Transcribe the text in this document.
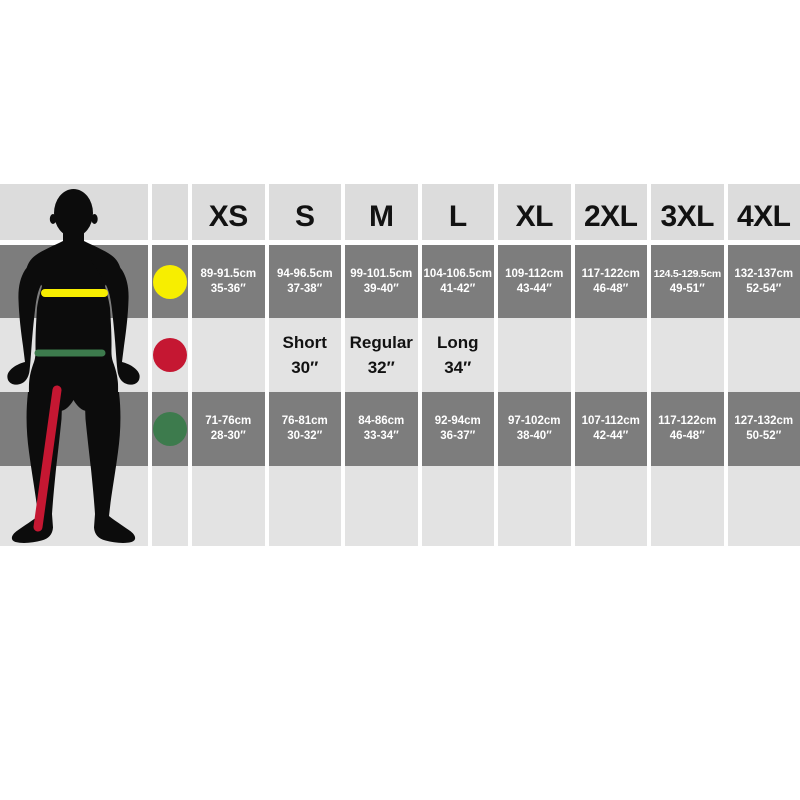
XS S M L XL 2XL 3XL 4XL
89-91.5cm
35-36″
94-96.5cm
37-38″
99-101.5cm
39-40″
104-106.5cm
41-42″
109-112cm
43-44″
117-122cm
46-48″
124.5-129.5cm
49-51″
132-137cm
52-54″
Short
30″
Regular
32″
Long
34″
71-76cm
28-30″
76-81cm
30-32″
84-86cm
33-34″
92-94cm
36-37″
97-102cm
38-40″
107-112cm
42-44″
117-122cm
46-48″
127-132cm
50-52″
